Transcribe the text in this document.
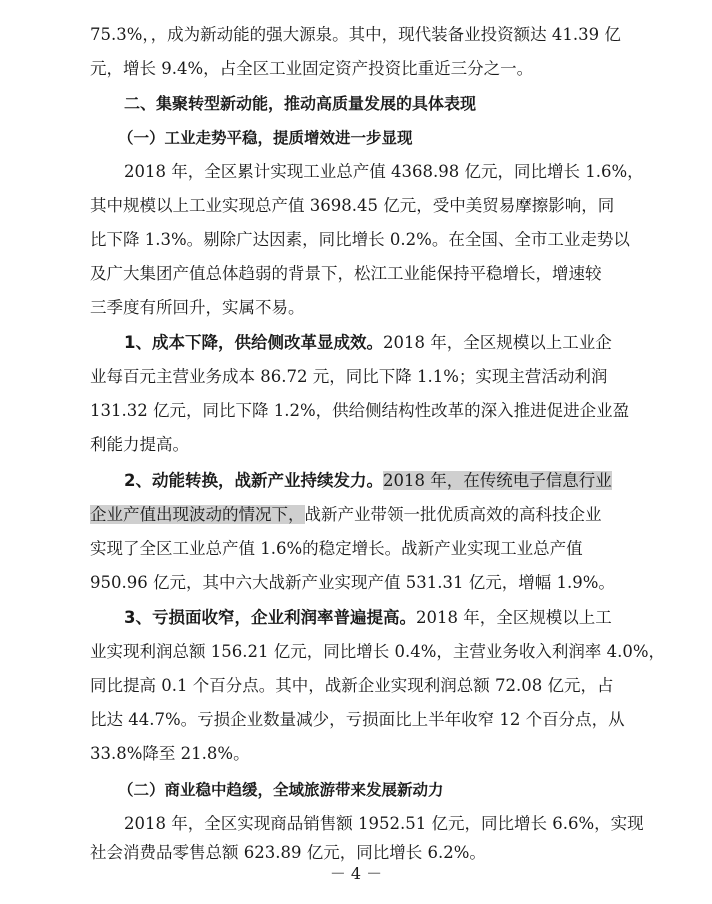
75.3%，，成为新动能的强大源泉。其中，现代装备业投资额达 41.39 亿
元，增长 9.4%，占全区工业固定资产投资比重近三分之一。
二、集聚转型新动能，推动高质量发展的具体表现
（一）工业走势平稳，提质增效进一步显现
2018 年，全区累计实现工业总产值 4368.98 亿元，同比增长 1.6%，
其中规模以上工业实现总产值 3698.45 亿元，受中美贸易摩擦影响，同
比下降 1.3%。剔除广达因素，同比增长 0.2%。在全国、全市工业走势以
及广大集团产值总体趋弱的背景下，松江工业能保持平稳增长，增速较
三季度有所回升，实属不易。
1、成本下降，供给侧改革显成效。2018 年，全区规模以上工业企
业每百元主营业务成本 86.72 元，同比下降 1.1%；实现主营活动利润
131.32 亿元，同比下降 1.2%，供给侧结构性改革的深入推进促进企业盈
利能力提高。
2、动能转换，战新产业持续发力。2018 年，在传统电子信息行业
企业产值出现波动的情况下，战新产业带领一批优质高效的高科技企业
实现了全区工业总产值 1.6%的稳定增长。战新产业实现工业总产值
950.96 亿元，其中六大战新产业实现产值 531.31 亿元，增幅 1.9%。
3、亏损面收窄，企业利润率普遍提高。2018 年，全区规模以上工
业实现利润总额 156.21 亿元，同比增长 0.4%，主营业务收入利润率 4.0%，
同比提高 0.1 个百分点。其中，战新企业实现利润总额 72.08 亿元，占
比达 44.7%。亏损企业数量减少，亏损面比上半年收窄 12 个百分点，从
33.8%降至 21.8%。
（二）商业稳中趋缓，全域旅游带来发展新动力
2018 年，全区实现商品销售额 1952.51 亿元，同比增长 6.6%，实现
社会消费品零售总额 623.89 亿元，同比增长 6.2%。
－ 4 －
